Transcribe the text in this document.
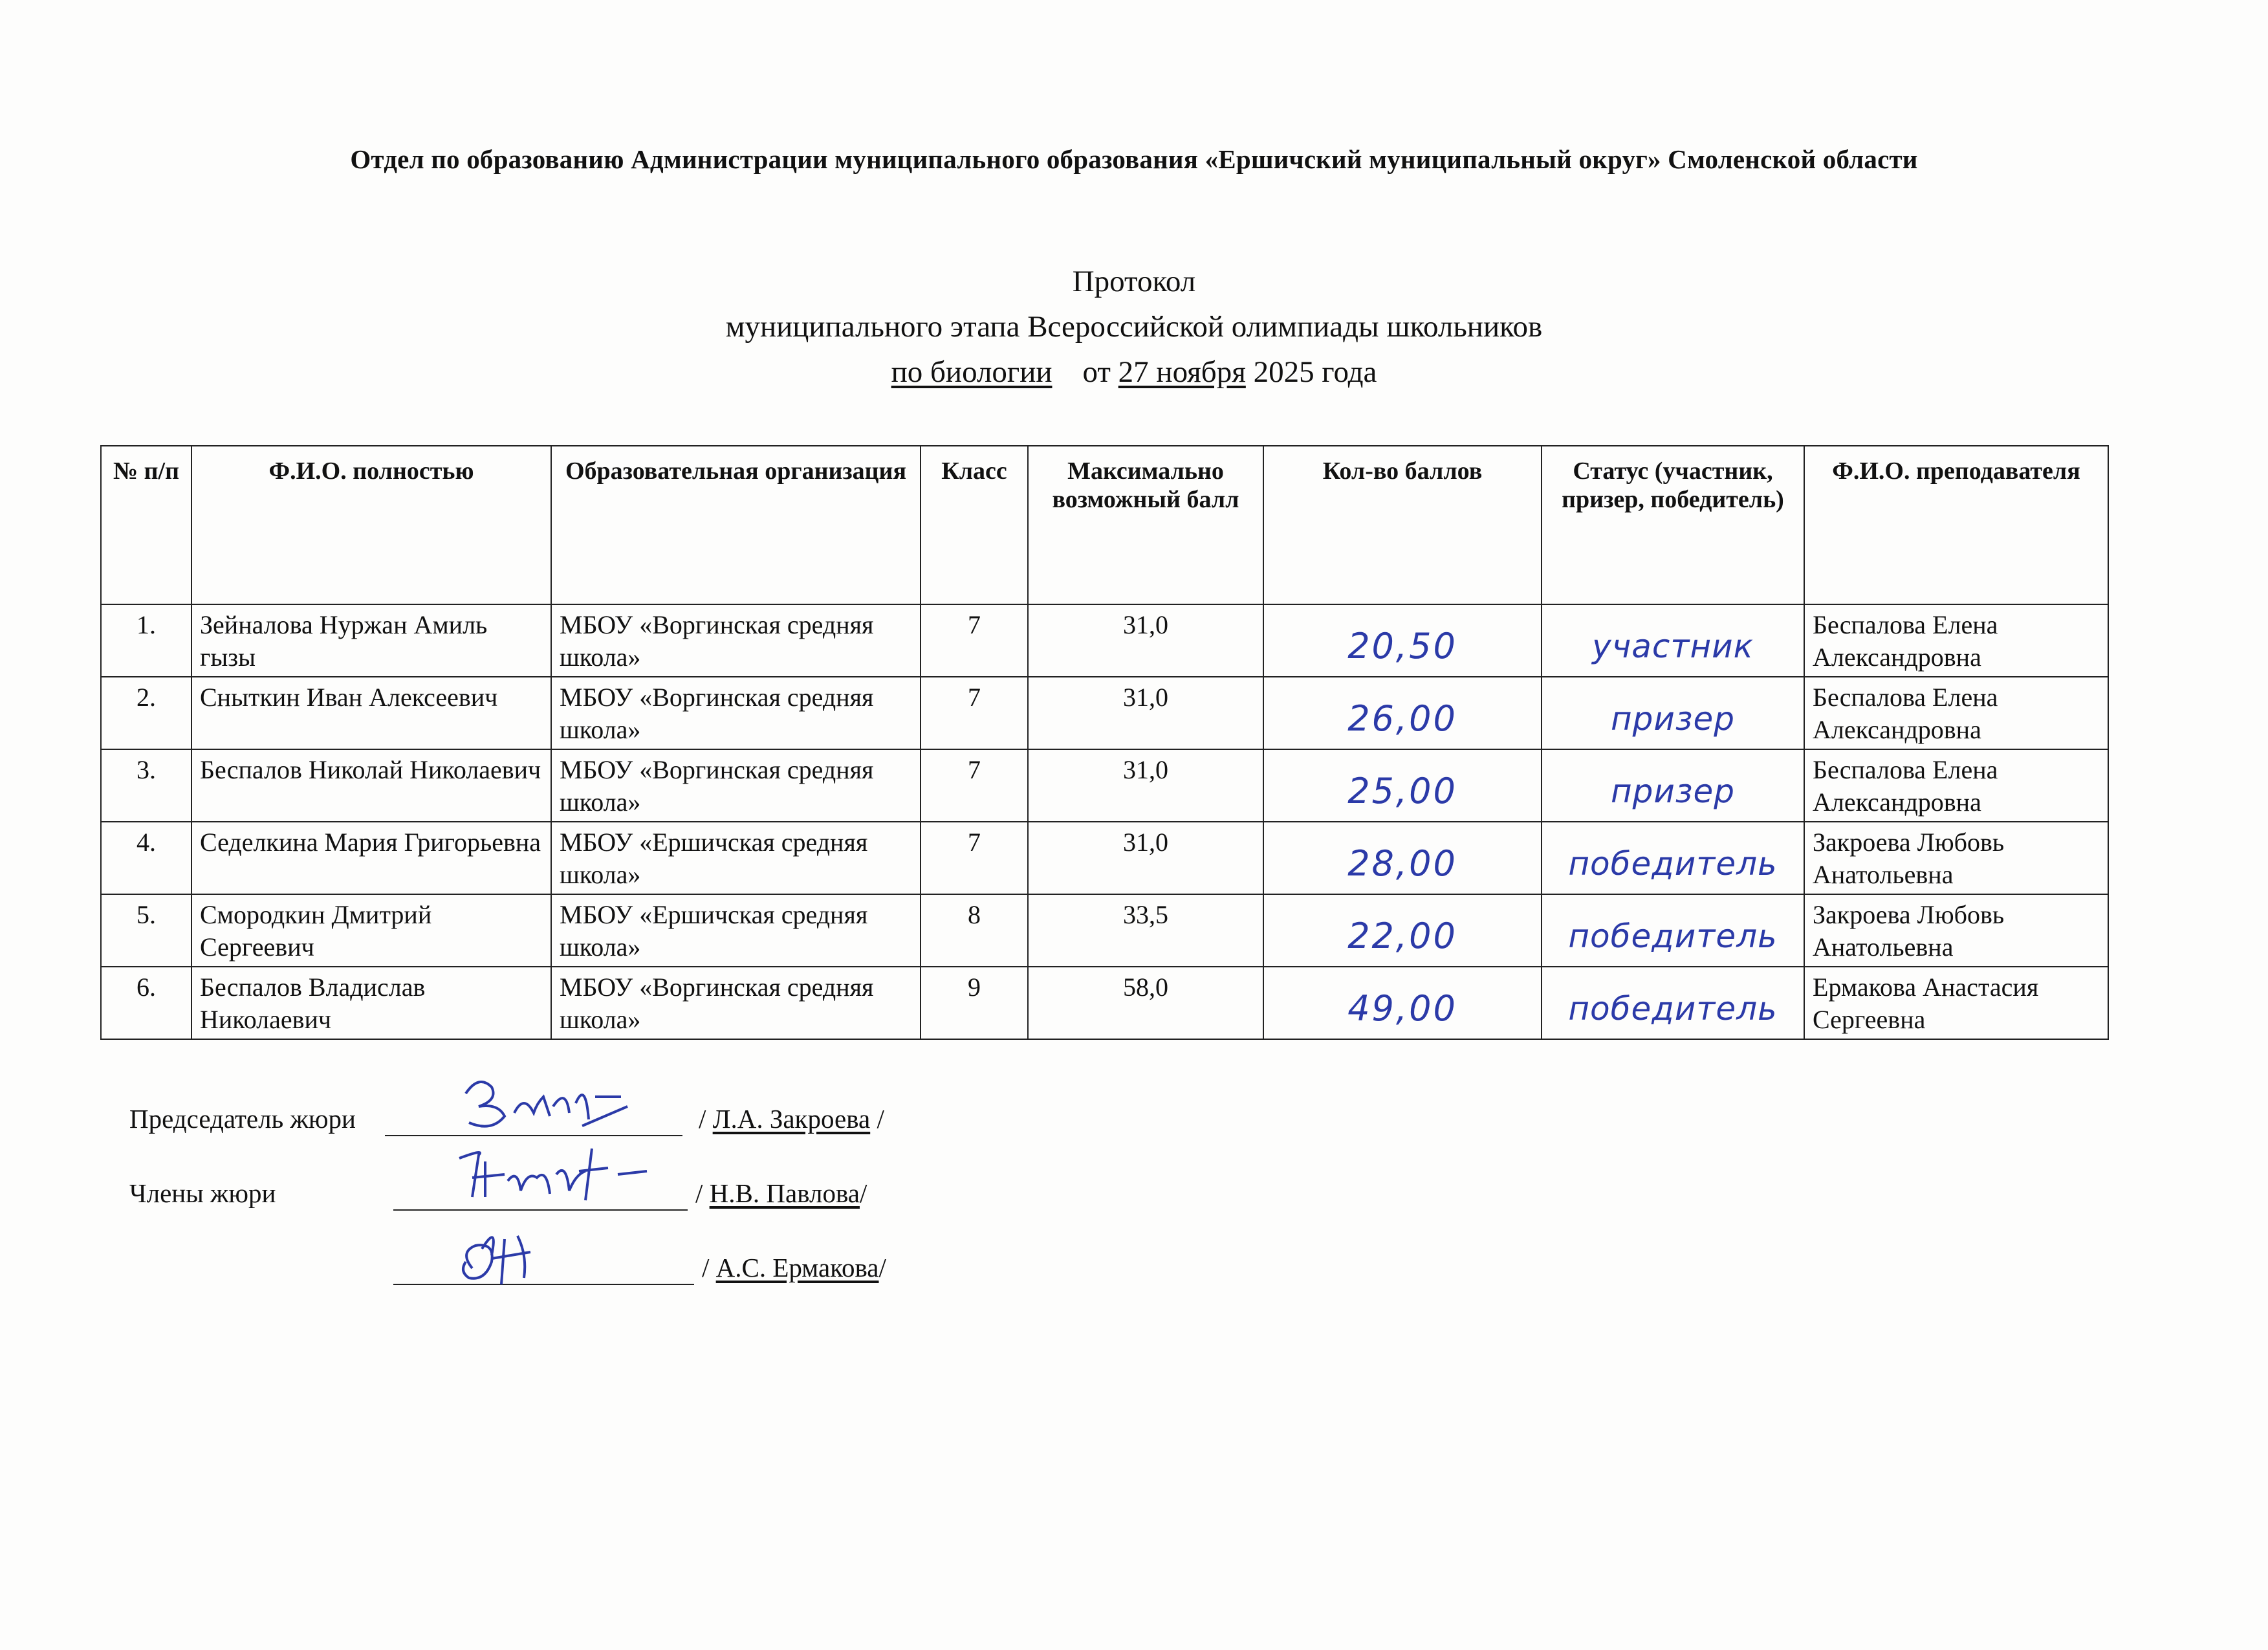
Отдел по образованию Администрации муниципального образования «Ершичский муниципальный округ» Смоленской области
Протокол
муниципального этапа Всероссийской олимпиады школьников
по биологии от 27 ноября 2025 года
№ п/п	Ф.И.О. полностью	Образовательная организация	Класс	Максимально возможный балл	Кол-во баллов	Статус (участник, призер, победитель)	Ф.И.О. преподавателя
1.	Зейналова Нуржан Амиль гызы	МБОУ «Воргинская средняя школа»	7	31,0	20,50	участник	Беспалова Елена Александровна
2.	Сныткин Иван Алексеевич	МБОУ «Воргинская средняя школа»	7	31,0	26,00	призер	Беспалова Елена Александровна
3.	Беспалов Николай Николаевич	МБОУ «Воргинская средняя школа»	7	31,0	25,00	призер	Беспалова Елена Александровна
4.	Седелкина Мария Григорьевна	МБОУ «Ершичская средняя школа»	7	31,0	28,00	победитель	Закроева Любовь Анатольевна
5.	Смородкин Дмитрий Сергеевич	МБОУ «Ершичская средняя школа»	8	33,5	22,00	победитель	Закроева Любовь Анатольевна
6.	Беспалов Владислав Николаевич	МБОУ «Воргинская средняя школа»	9	58,0	49,00	победитель	Ермакова Анастасия Сергеевна
Председатель жюри	/ Л.А. Закроева /
Члены жюри	/ Н.В. Павлова/
/ А.С. Ермакова/
